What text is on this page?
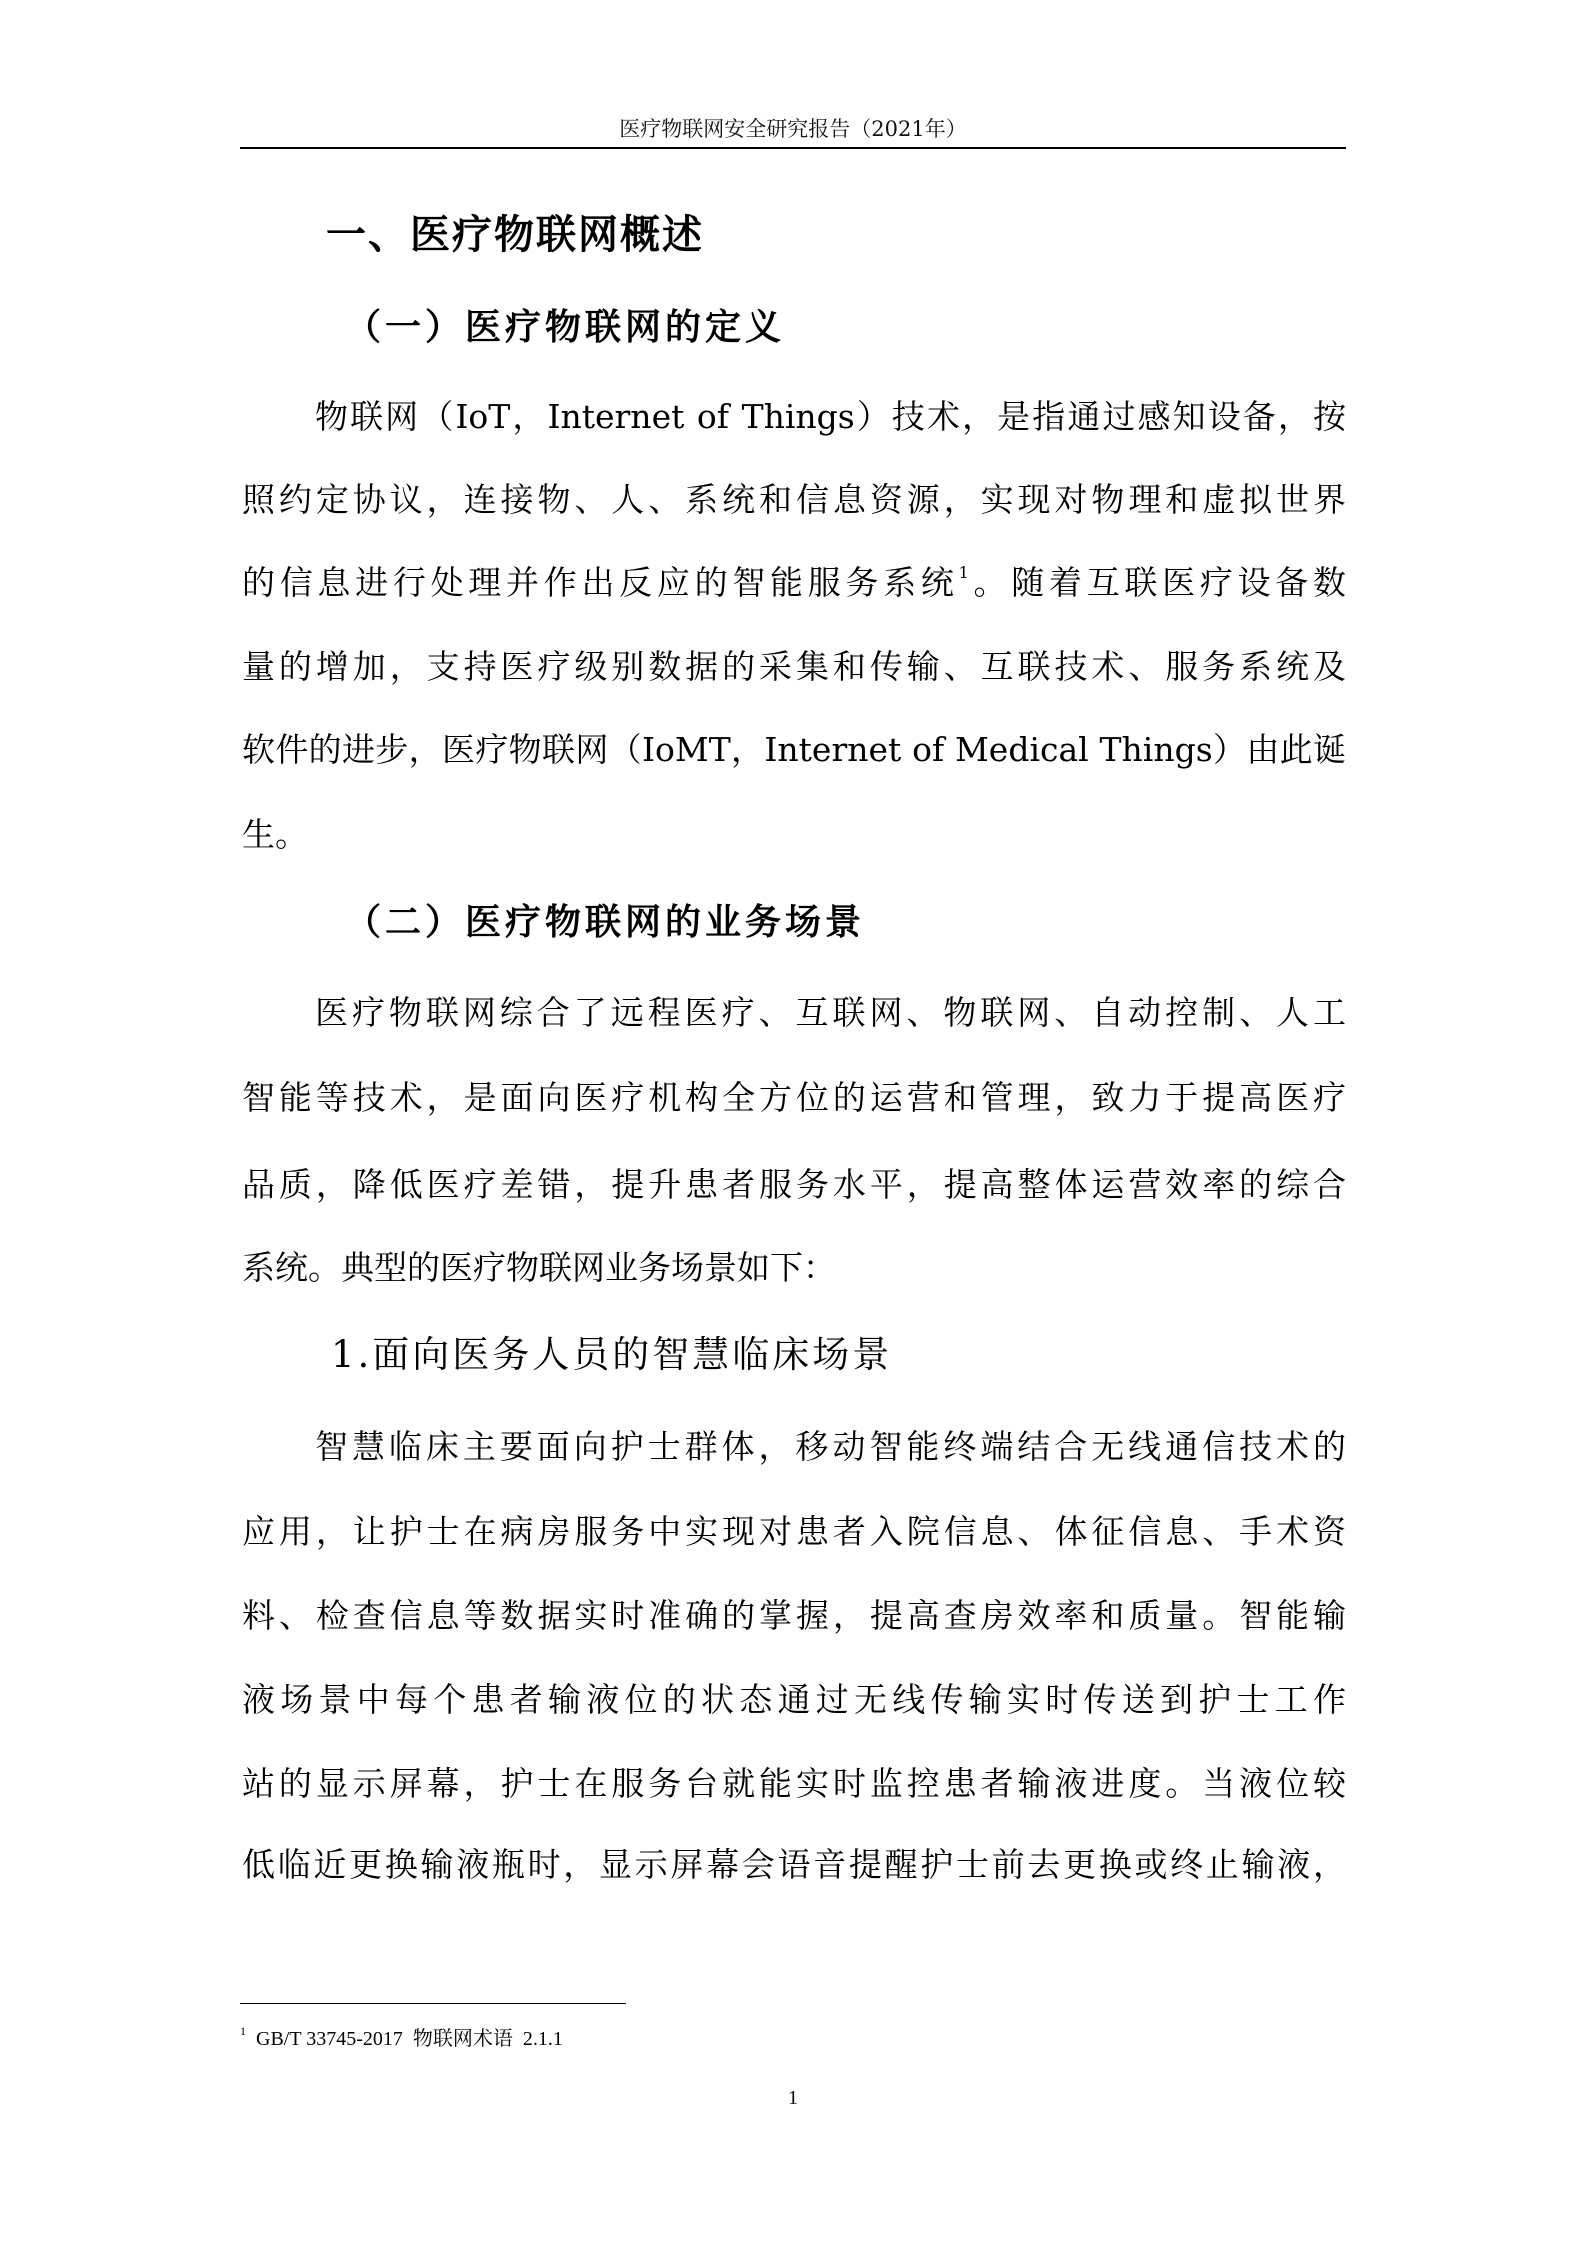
医疗物联网安全研究报告（2021年）
一、医疗物联网概述
（一）医疗物联网的定义
物联网（IoT，Internet of Things）技术，是指通过感知设备，按
照约定协议，连接物、人、系统和信息资源，实现对物理和虚拟世界
的信息进行处理并作出反应的智能服务系统$^1$。随着互联医疗设备数
量的增加，支持医疗级别数据的采集和传输、互联技术、服务系统及
软件的进步，医疗物联网（IoMT，Internet of Medical Things）由此诞
生。
（二）医疗物联网的业务场景
医疗物联网综合了远程医疗、互联网、物联网、自动控制、人工
智能等技术，是面向医疗机构全方位的运营和管理，致力于提高医疗
品质，降低医疗差错，提升患者服务水平，提高整体运营效率的综合
系统。典型的医疗物联网业务场景如下：
1.面向医务人员的智慧临床场景
智慧临床主要面向护士群体，移动智能终端结合无线通信技术的
应用，让护士在病房服务中实现对患者入院信息、体征信息、手术资
料、检查信息等数据实时准确的掌握，提高查房效率和质量。智能输
液场景中每个患者输液位的状态通过无线传输实时传送到护士工作
站的显示屏幕，护士在服务台就能实时监控患者输液进度。当液位较
低临近更换输液瓶时，显示屏幕会语音提醒护士前去更换或终止输液，
$^1$ GB/T 33745-2017 物联网术语 2.1.1
1
